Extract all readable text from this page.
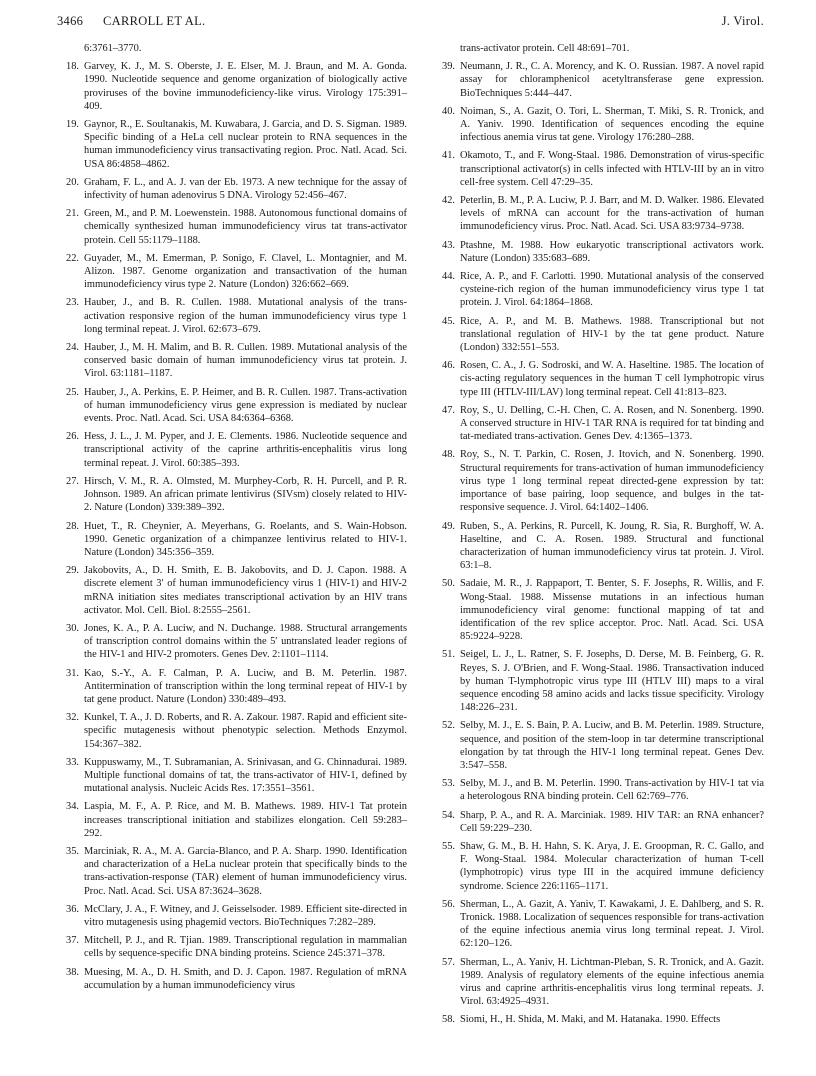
3466 CARROLL ET AL.	J. Virol.
6:3761–3770.
18. Garvey, K. J., M. S. Oberste, J. E. Elser, M. J. Braun, and M. A. Gonda. 1990. Nucleotide sequence and genome organization of biologically active proviruses of the bovine immunodeficiency-like virus. Virology 175:391–409.
19. Gaynor, R., E. Soultanakis, M. Kuwabara, J. Garcia, and D. S. Sigman. 1989. Specific binding of a HeLa cell nuclear protein to RNA sequences in the human immunodeficiency virus transactivating region. Proc. Natl. Acad. Sci. USA 86:4858–4862.
20. Graham, F. L., and A. J. van der Eb. 1973. A new technique for the assay of infectivity of human adenovirus 5 DNA. Virology 52:456–467.
21. Green, M., and P. M. Loewenstein. 1988. Autonomous functional domains of chemically synthesized human immunodeficiency virus tat trans-activator protein. Cell 55:1179–1188.
22. Guyader, M., M. Emerman, P. Sonigo, F. Clavel, L. Montagnier, and M. Alizon. 1987. Genome organization and transactivation of the human immunodeficiency virus type 2. Nature (London) 326:662–669.
23. Hauber, J., and B. R. Cullen. 1988. Mutational analysis of the trans-activation responsive region of the human immunodeficiency virus type 1 long terminal repeat. J. Virol. 62:673–679.
24. Hauber, J., M. H. Malim, and B. R. Cullen. 1989. Mutational analysis of the conserved basic domain of human immunodeficiency virus tat protein. J. Virol. 63:1181–1187.
25. Hauber, J., A. Perkins, E. P. Heimer, and B. R. Cullen. 1987. Trans-activation of human immunodeficiency virus gene expression is mediated by nuclear events. Proc. Natl. Acad. Sci. USA 84:6364–6368.
26. Hess, J. L., J. M. Pyper, and J. E. Clements. 1986. Nucleotide sequence and transcriptional activity of the caprine arthritis-encephalitis virus long terminal repeat. J. Virol. 60:385–393.
27. Hirsch, V. M., R. A. Olmsted, M. Murphey-Corb, R. H. Purcell, and P. R. Johnson. 1989. An african primate lentivirus (SIVsm) closely related to HIV-2. Nature (London) 339:389–392.
28. Huet, T., R. Cheynier, A. Meyerhans, G. Roelants, and S. Wain-Hobson. 1990. Genetic organization of a chimpanzee lentivirus related to HIV-1. Nature (London) 345:356–359.
29. Jakobovits, A., D. H. Smith, E. B. Jakobovits, and D. J. Capon. 1988. A discrete element 3′ of human immunodeficiency virus 1 (HIV-1) and HIV-2 mRNA initiation sites mediates transcriptional activation by an HIV trans activator. Mol. Cell. Biol. 8:2555–2561.
30. Jones, K. A., P. A. Luciw, and N. Duchange. 1988. Structural arrangements of transcription control domains within the 5′ untranslated leader regions of the HIV-1 and HIV-2 promoters. Genes Dev. 2:1101–1114.
31. Kao, S.-Y., A. F. Calman, P. A. Luciw, and B. M. Peterlin. 1987. Antitermination of transcription within the long terminal repeat of HIV-1 by tat gene product. Nature (London) 330:489–493.
32. Kunkel, T. A., J. D. Roberts, and R. A. Zakour. 1987. Rapid and efficient site-specific mutagenesis without phenotypic selection. Methods Enzymol. 154:367–382.
33. Kuppuswamy, M., T. Subramanian, A. Srinivasan, and G. Chinnadurai. 1989. Multiple functional domains of tat, the trans-activator of HIV-1, defined by mutational analysis. Nucleic Acids Res. 17:3551–3561.
34. Laspia, M. F., A. P. Rice, and M. B. Mathews. 1989. HIV-1 Tat protein increases transcriptional initiation and stabilizes elongation. Cell 59:283–292.
35. Marciniak, R. A., M. A. Garcia-Blanco, and P. A. Sharp. 1990. Identification and characterization of a HeLa nuclear protein that specifically binds to the trans-activation-response (TAR) element of human immunodeficiency virus. Proc. Natl. Acad. Sci. USA 87:3624–3628.
36. McClary, J. A., F. Witney, and J. Geisselsoder. 1989. Efficient site-directed in vitro mutagenesis using phagemid vectors. BioTechniques 7:282–289.
37. Mitchell, P. J., and R. Tjian. 1989. Transcriptional regulation in mammalian cells by sequence-specific DNA binding proteins. Science 245:371–378.
38. Muesing, M. A., D. H. Smith, and D. J. Capon. 1987. Regulation of mRNA accumulation by a human immunodeficiency virus
trans-activator protein. Cell 48:691–701.
39. Neumann, J. R., C. A. Morency, and K. O. Russian. 1987. A novel rapid assay for chloramphenicol acetyltransferase gene expression. BioTechniques 5:444–447.
40. Noiman, S., A. Gazit, O. Tori, L. Sherman, T. Miki, S. R. Tronick, and A. Yaniv. 1990. Identification of sequences encoding the equine infectious anemia virus tat gene. Virology 176:280–288.
41. Okamoto, T., and F. Wong-Staal. 1986. Demonstration of virus-specific transcriptional activator(s) in cells infected with HTLV-III by an in vitro cell-free system. Cell 47:29–35.
42. Peterlin, B. M., P. A. Luciw, P. J. Barr, and M. D. Walker. 1986. Elevated levels of mRNA can account for the trans-activation of human immunodeficiency virus. Proc. Natl. Acad. Sci. USA 83:9734–9738.
43. Ptashne, M. 1988. How eukaryotic transcriptional activators work. Nature (London) 335:683–689.
44. Rice, A. P., and F. Carlotti. 1990. Mutational analysis of the conserved cysteine-rich region of the human immunodeficiency virus type 1 tat protein. J. Virol. 64:1864–1868.
45. Rice, A. P., and M. B. Mathews. 1988. Transcriptional but not translational regulation of HIV-1 by the tat gene product. Nature (London) 332:551–553.
46. Rosen, C. A., J. G. Sodroski, and W. A. Haseltine. 1985. The location of cis-acting regulatory sequences in the human T cell lymphotropic virus type III (HTLV-III/LAV) long terminal repeat. Cell 41:813–823.
47. Roy, S., U. Delling, C.-H. Chen, C. A. Rosen, and N. Sonenberg. 1990. A conserved structure in HIV-1 TAR RNA is required for tat binding and tat-mediated trans-activation. Genes Dev. 4:1365–1373.
48. Roy, S., N. T. Parkin, C. Rosen, J. Itovich, and N. Sonenberg. 1990. Structural requirements for trans-activation of human immunodeficiency virus type 1 long terminal repeat directed-gene expression by tat: importance of base pairing, loop sequence, and bulges in the tat-responsive sequence. J. Virol. 64:1402–1406.
49. Ruben, S., A. Perkins, R. Purcell, K. Joung, R. Sia, R. Burghoff, W. A. Haseltine, and C. A. Rosen. 1989. Structural and functional characterization of human immunodeficiency virus tat protein. J. Virol. 63:1–8.
50. Sadaie, M. R., J. Rappaport, T. Benter, S. F. Josephs, R. Willis, and F. Wong-Staal. 1988. Missense mutations in an infectious human immunodeficiency viral genome: functional mapping of tat and identification of the rev splice acceptor. Proc. Natl. Acad. Sci. USA 85:9224–9228.
51. Seigel, L. J., L. Ratner, S. F. Josephs, D. Derse, M. B. Feinberg, G. R. Reyes, S. J. O'Brien, and F. Wong-Staal. 1986. Transactivation induced by human T-lymphotropic virus type III (HTLV III) maps to a viral sequence encoding 58 amino acids and lacks tissue specificity. Virology 148:226–231.
52. Selby, M. J., E. S. Bain, P. A. Luciw, and B. M. Peterlin. 1989. Structure, sequence, and position of the stem-loop in tar determine transcriptional elongation by tat through the HIV-1 long terminal repeat. Genes Dev. 3:547–558.
53. Selby, M. J., and B. M. Peterlin. 1990. Trans-activation by HIV-1 tat via a heterologous RNA binding protein. Cell 62:769–776.
54. Sharp, P. A., and R. A. Marciniak. 1989. HIV TAR: an RNA enhancer? Cell 59:229–230.
55. Shaw, G. M., B. H. Hahn, S. K. Arya, J. E. Groopman, R. C. Gallo, and F. Wong-Staal. 1984. Molecular characterization of human T-cell (lymphotropic) virus type III in the acquired immune deficiency syndrome. Science 226:1165–1171.
56. Sherman, L., A. Gazit, A. Yaniv, T. Kawakami, J. E. Dahlberg, and S. R. Tronick. 1988. Localization of sequences responsible for trans-activation of the equine infectious anemia virus long terminal repeat. J. Virol. 62:120–126.
57. Sherman, L., A. Yaniv, H. Lichtman-Pleban, S. R. Tronick, and A. Gazit. 1989. Analysis of regulatory elements of the equine infectious anemia virus and caprine arthritis-encephalitis virus long terminal repeats. J. Virol. 63:4925–4931.
58. Siomi, H., H. Shida, M. Maki, and M. Hatanaka. 1990. Effects
